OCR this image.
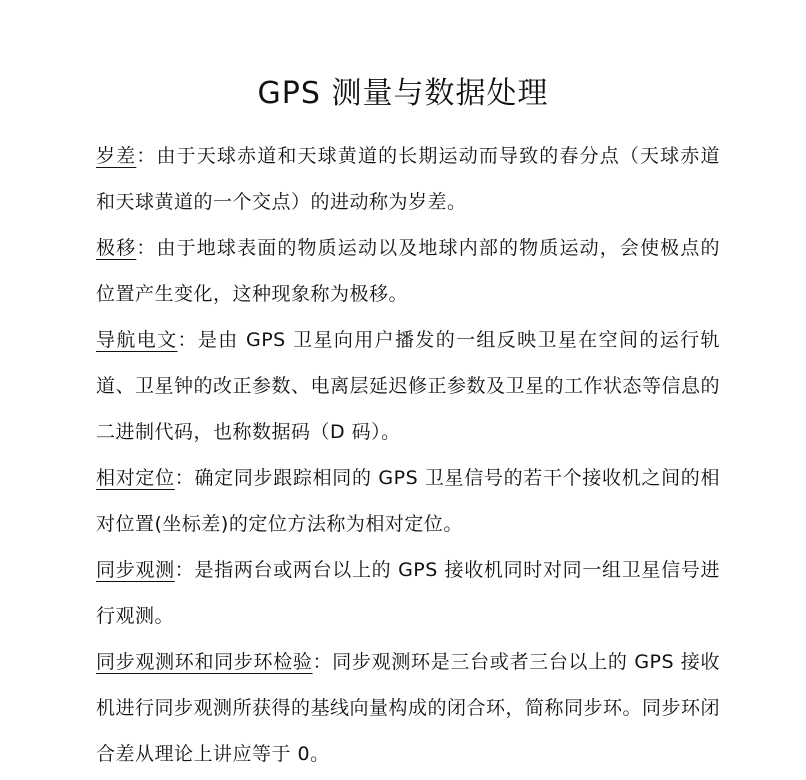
GPS 测量与数据处理

岁差：由于天球赤道和天球黄道的长期运动而导致的春分点（天球赤道和天球黄道的一个交点）的进动称为岁差。

极移：由于地球表面的物质运动以及地球内部的物质运动，会使极点的位置产生变化，这种现象称为极移。

导航电文：是由 GPS 卫星向用户播发的一组反映卫星在空间的运行轨道、卫星钟的改正参数、电离层延迟修正参数及卫星的工作状态等信息的二进制代码，也称数据码（D 码）。

相对定位：确定同步跟踪相同的 GPS 卫星信号的若干个接收机之间的相对位置(坐标差)的定位方法称为相对定位。

同步观测：是指两台或两台以上的 GPS 接收机同时对同一组卫星信号进行观测。

同步观测环和同步环检验：同步观测环是三台或者三台以上的 GPS 接收机进行同步观测所获得的基线向量构成的闭合环，简称同步环。同步环闭合差从理论上讲应等于 0。
